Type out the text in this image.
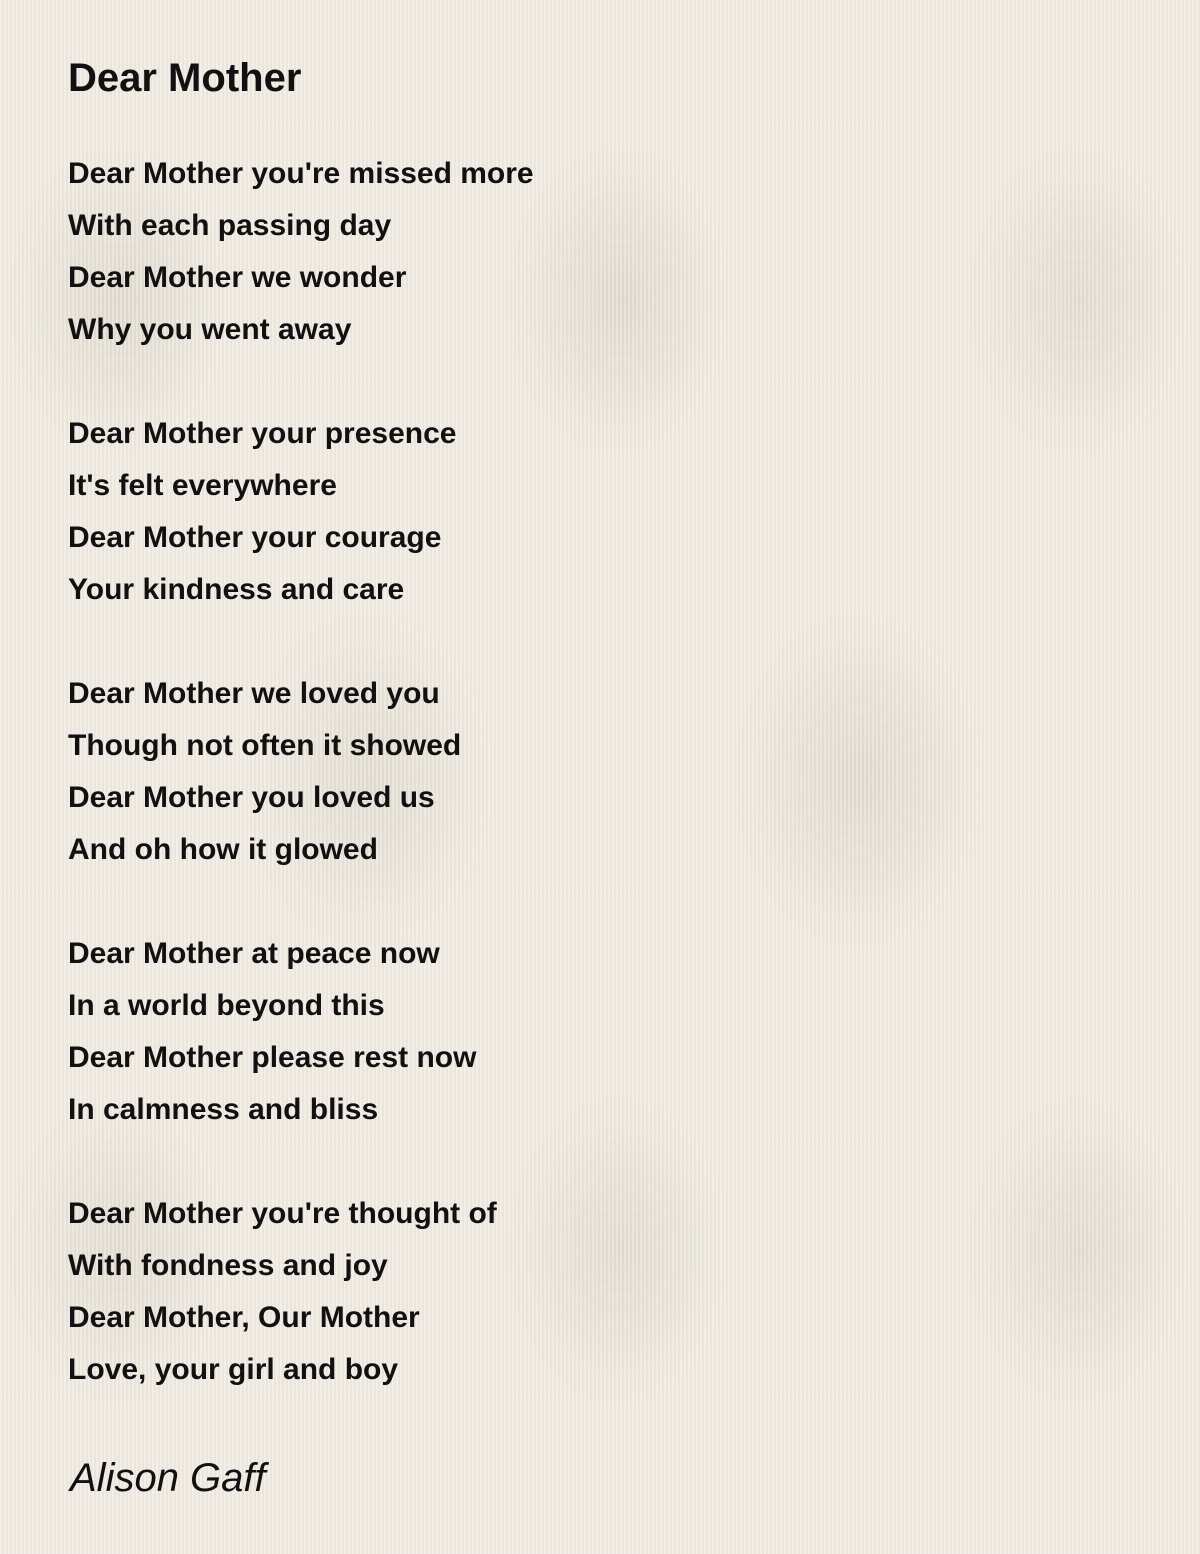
Dear Mother
Dear Mother you're missed more
With each passing day
Dear Mother we wonder
Why you went away
Dear Mother your presence
It's felt everywhere
Dear Mother your courage
Your kindness and care
Dear Mother we loved you
Though not often it showed
Dear Mother you loved us
And oh how it glowed
Dear Mother at peace now
In a world beyond this
Dear Mother please rest now
In calmness and bliss
Dear Mother you're thought of
With fondness and joy
Dear Mother, Our Mother
Love, your girl and boy

Alison Gaff
